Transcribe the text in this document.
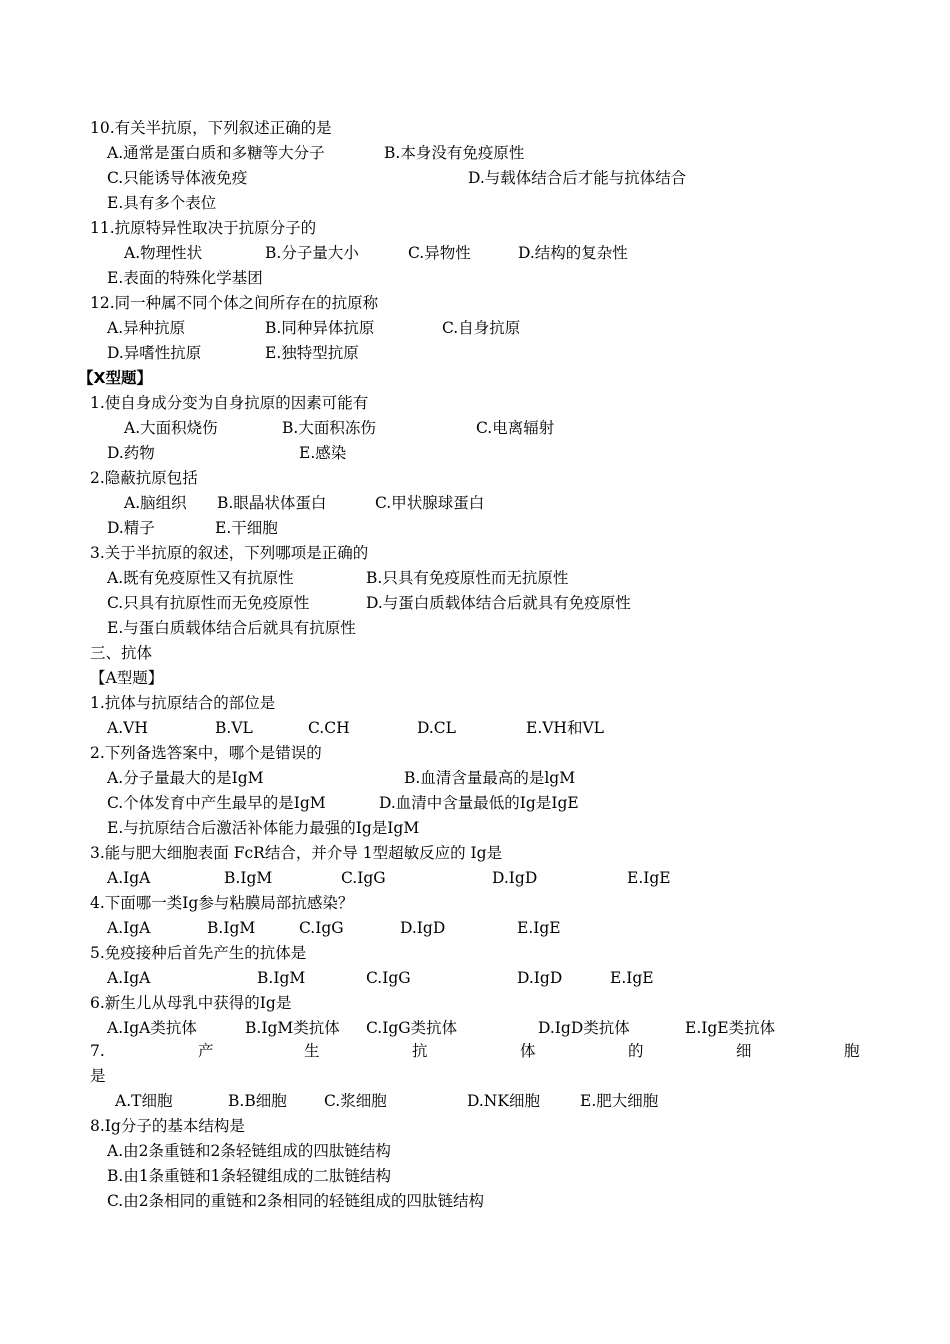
10.有关半抗原，下列叙述正确的是
A.通常是蛋白质和多糖等大分子	B.本身没有免疫原性
C.只能诱导体液免疫	D.与载体结合后才能与抗体结合
E.具有多个表位
11.抗原特异性取决于抗原分子的
A.物理性状	B.分子量大小	C.异物性	D.结构的复杂性
E.表面的特殊化学基团
12.同一种属不同个体之间所存在的抗原称
A.异种抗原	B.同种异体抗原	C.自身抗原
D.异嗜性抗原	E.独特型抗原
【X型题】
1.使自身成分变为自身抗原的因素可能有
A.大面积烧伤	B.大面积冻伤	C.电离辐射
D.药物	E.感染
2.隐蔽抗原包括
A.脑组织 B.眼晶状体蛋白	C.甲状腺球蛋白
D.精子	E.干细胞
3.关于半抗原的叙述，下列哪项是正确的
A.既有免疫原性又有抗原性	B.只具有免疫原性而无抗原性
C.只具有抗原性而无免疫原性	D.与蛋白质载体结合后就具有免疫原性
E.与蛋白质载体结合后就具有抗原性
三、抗体
【A型题】
1.抗体与抗原结合的部位是
A.VH	B.VL	C.CH	D.CL	E.VH和VL
2.下列备选答案中，哪个是错误的
A.分子量最大的是IgM	B.血清含量最高的是lgM
C.个体发育中产生最早的是IgM	D.血清中含量最低的Ig是IgE
E.与抗原结合后激活补体能力最强的Ig是IgM
3.能与肥大细胞表面 FcR结合，并介导 1型超敏反应的 Ig是
A.IgA	B.IgM	C.IgG	D.IgD	E.IgE
4.下面哪一类Ig参与粘膜局部抗感染？
A.IgA	B.IgM	C.IgG	D.IgD	E.IgE
5.免疫接种后首先产生的抗体是
A.IgA	B.IgM	C.IgG	D.IgD	E.IgE
6.新生儿从母乳中获得的Ig是
A.IgA类抗体	B.IgM类抗体 C.IgG类抗体	D.IgD类抗体	E.IgE类抗体
7.	产	生	抗	体	的	细	胞
是
A.T细胞	B.B细胞 C.浆细胞	D.NK细胞	E.肥大细胞
8.Ig分子的基本结构是
A.由2条重链和2条轻链组成的四肽链结构
B.由1条重链和1条轻键组成的二肽链结构
C.由2条相同的重链和2条相同的轻链组成的四肽链结构
